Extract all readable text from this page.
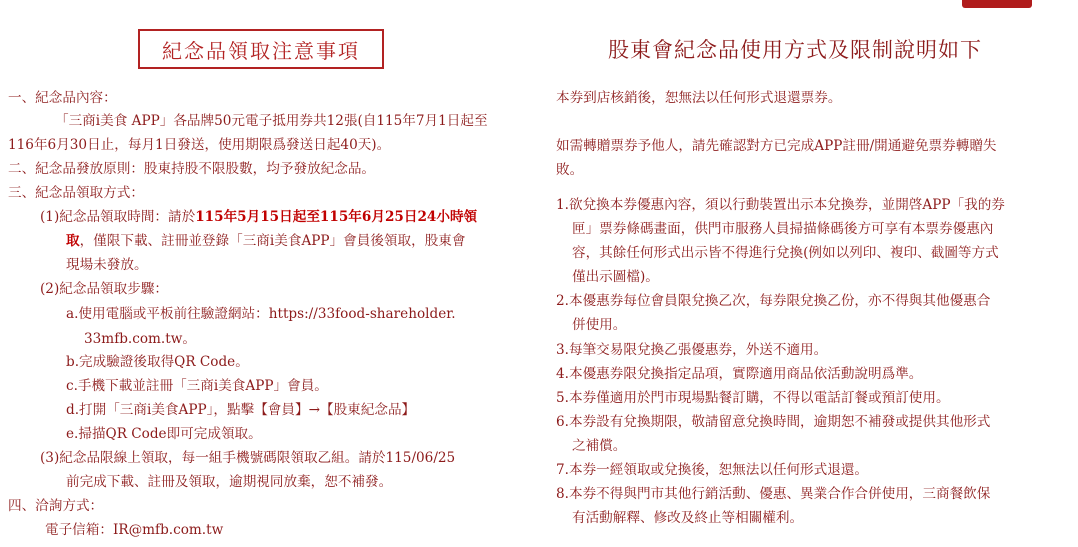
紀念品領取注意事項	股東會紀念品使用方式及限制說明如下
一、紀念品內容：
「三商i美食 APP」各品牌50元電子抵用券共12張(自115年7月1日起至
116年6月30日止，每月1日發送，使用期限爲發送日起40天)。
二、紀念品發放原則：股東持股不限股數，均予發放紀念品。
三、紀念品領取方式：
(1)紀念品領取時間：請於115年5月15日起至115年6月25日24小時領
取，僅限下載、註冊並登錄「三商i美食APP」會員後領取，股東會
現場未發放。
(2)紀念品領取步驟：
a.使用電腦或平板前往驗證網站：https://33food-shareholder.
33mfb.com.tw。
b.完成驗證後取得QR Code。
c.手機下載並註冊「三商i美食APP」會員。
d.打開「三商i美食APP」，點擊【會員】→【股東紀念品】
e.掃描QR Code即可完成領取。
(3)紀念品限線上領取，每一組手機號碼限領取乙組。請於115/06/25
前完成下載、註冊及領取，逾期視同放棄，恕不補發。
四、洽詢方式：
電子信箱：IR@mfb.com.tw
本券到店核銷後，恕無法以任何形式退還票券。
如需轉贈票券予他人，請先確認對方已完成APP註冊/開通避免票券轉贈失
敗。
1.欲兌換本券優惠內容，須以行動裝置出示本兌換券，並開啓APP「我的券
匣」票券條碼畫面，供門市服務人員掃描條碼後方可享有本票券優惠內
容，其餘任何形式出示皆不得進行兌換(例如以列印、複印、截圖等方式
僅出示圖檔)。
2.本優惠券每位會員限兌換乙次，每券限兌換乙份，亦不得與其他優惠合
併使用。
3.每筆交易限兌換乙張優惠券，外送不適用。
4.本優惠券限兌換指定品項，實際適用商品依活動說明爲準。
5.本券僅適用於門市現場點餐訂購，不得以電話訂餐或預訂使用。
6.本券設有兌換期限，敬請留意兌換時間，逾期恕不補發或提供其他形式
之補償。
7.本券一經領取或兌換後，恕無法以任何形式退還。
8.本券不得與門市其他行銷活動、優惠、異業合作合併使用，三商餐飲保
有活動解釋、修改及終止等相關權利。
